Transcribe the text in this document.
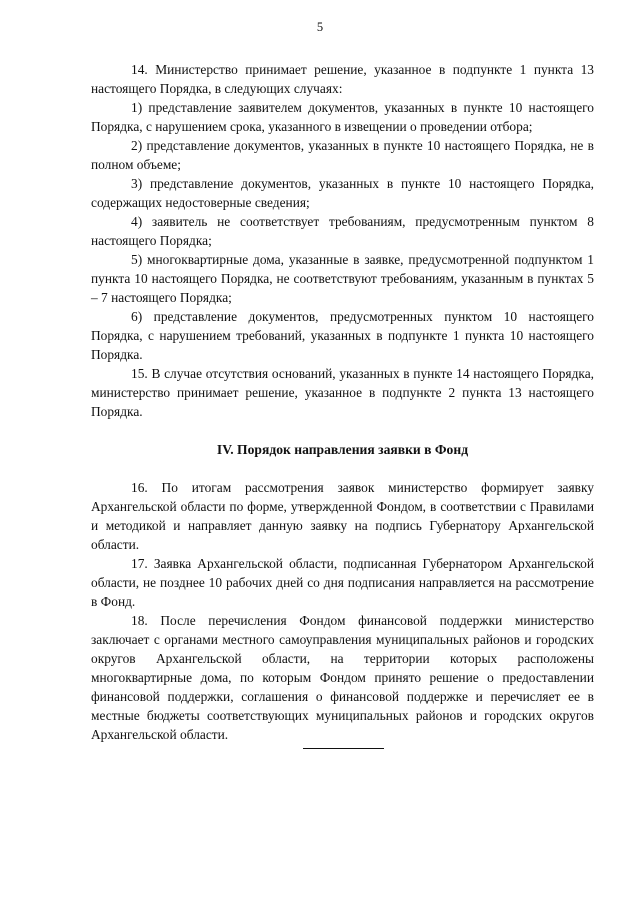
5

14. Министерство принимает решение, указанное в подпункте 1 пункта 13 настоящего Порядка, в следующих случаях:

1) представление заявителем документов, указанных в пункте 10 настоящего Порядка, с нарушением срока, указанного в извещении о проведении отбора;

2) представление документов, указанных в пункте 10 настоящего Порядка, не в полном объеме;

3) представление документов, указанных в пункте 10 настоящего Порядка, содержащих недостоверные сведения;

4) заявитель не соответствует требованиям, предусмотренным пунктом 8 настоящего Порядка;

5) многоквартирные дома, указанные в заявке, предусмотренной подпунктом 1 пункта 10 настоящего Порядка, не соответствуют требованиям, указанным в пунктах 5 – 7 настоящего Порядка;

6) представление документов, предусмотренных пунктом 10 настоящего Порядка, с нарушением требований, указанных в подпункте 1 пункта 10 настоящего Порядка.

15. В случае отсутствия оснований, указанных в пункте 14 настоящего Порядка, министерство принимает решение, указанное в подпункте 2 пункта 13 настоящего Порядка.

IV. Порядок направления заявки в Фонд

16. По итогам рассмотрения заявок министерство формирует заявку Архангельской области по форме, утвержденной Фондом, в соответствии с Правилами и методикой и направляет данную заявку на подпись Губернатору Архангельской области.

17. Заявка Архангельской области, подписанная Губернатором Архангельской области, не позднее 10 рабочих дней со дня подписания направляется на рассмотрение в Фонд.

18. После перечисления Фондом финансовой поддержки министерство заключает с органами местного самоуправления муниципальных районов и городских округов Архангельской области, на территории которых расположены многоквартирные дома, по которым Фондом принято решение о предоставлении финансовой поддержки, соглашения о финансовой поддержке и перечисляет ее в местные бюджеты соответствующих муниципальных районов и городских округов Архангельской области.
